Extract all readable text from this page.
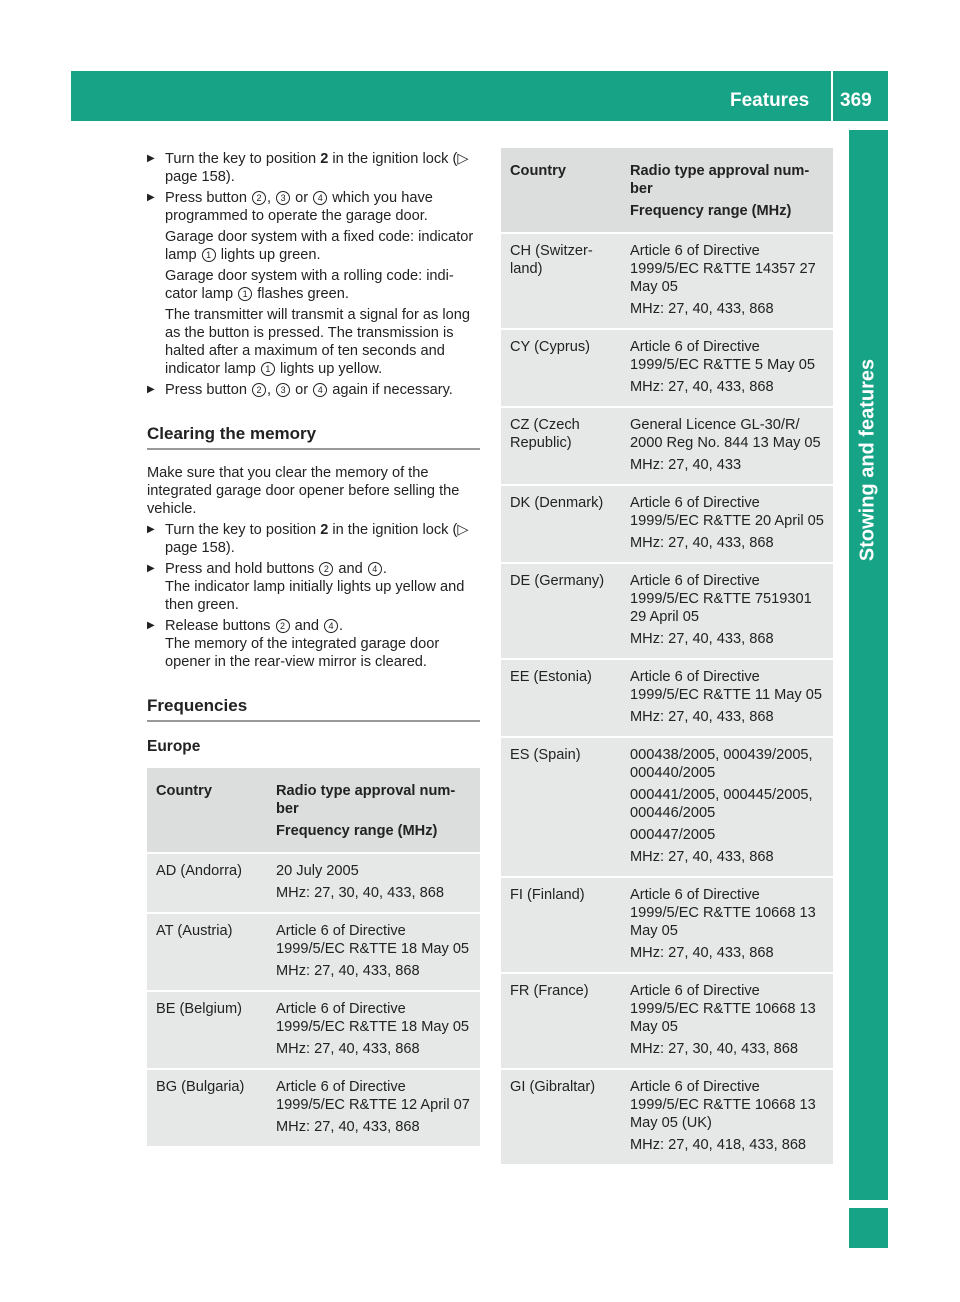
Features 369
Stowing and features
▶ Turn the key to position 2 in the ignition lock (▷ page 158).
▶ Press button 2 , 3 or 4 which you have programmed to operate the garage door.
Garage door system with a fixed code: indicator lamp 1 lights up green.
Garage door system with a rolling code: indicator lamp 1 flashes green.
The transmitter will transmit a signal for as long as the button is pressed. The transmission is halted after a maximum of ten seconds and indicator lamp 1 lights up yellow.
▶ Press button 2 , 3 or 4 again if necessary.
Clearing the memory
Make sure that you clear the memory of the integrated garage door opener before selling the vehicle.
▶ Turn the key to position 2 in the ignition lock (▷ page 158).
▶ Press and hold buttons 2 and 4 .
The indicator lamp initially lights up yellow and then green.
▶ Release buttons 2 and 4 .
The memory of the integrated garage door opener in the rear-view mirror is cleared.
Frequencies
Europe
Country	Radio type approval number
Frequency range (MHz)

AD (Andorra)	20 July 2005
MHz: 27, 30, 40, 433, 868

AT (Austria)	Article 6 of Directive 1999/5/EC R&TTE 18 May 05
MHz: 27, 40, 433, 868

BE (Belgium)	Article 6 of Directive 1999/5/EC R&TTE 18 May 05
MHz: 27, 40, 433, 868

BG (Bulgaria)	Article 6 of Directive 1999/5/EC R&TTE 12 April 07
MHz: 27, 40, 433, 868
Country	Radio type approval number
Frequency range (MHz)

CH (Switzerland)	Article 6 of Directive 1999/5/EC R&TTE 14357 27 May 05
MHz: 27, 40, 433, 868

CY (Cyprus)	Article 6 of Directive 1999/5/EC R&TTE 5 May 05
MHz: 27, 40, 433, 868

CZ (Czech Republic)	General Licence GL-30/R/ 2000 Reg No. 844 13 May 05
MHz: 27, 40, 433

DK (Denmark)	Article 6 of Directive 1999/5/EC R&TTE 20 April 05
MHz: 27, 40, 433, 868

DE (Germany)	Article 6 of Directive 1999/5/EC R&TTE 7519301 29 April 05
MHz: 27, 40, 433, 868

EE (Estonia)	Article 6 of Directive 1999/5/EC R&TTE 11 May 05
MHz: 27, 40, 433, 868

ES (Spain)	000438/2005, 000439/2005, 000440/2005
000441/2005, 000445/2005, 000446/2005
000447/2005
MHz: 27, 40, 433, 868

FI (Finland)	Article 6 of Directive 1999/5/EC R&TTE 10668 13 May 05
MHz: 27, 40, 433, 868

FR (France)	Article 6 of Directive 1999/5/EC R&TTE 10668 13 May 05
MHz: 27, 30, 40, 433, 868

GI (Gibraltar)	Article 6 of Directive 1999/5/EC R&TTE 10668 13 May 05 (UK)
MHz: 27, 40, 418, 433, 868
